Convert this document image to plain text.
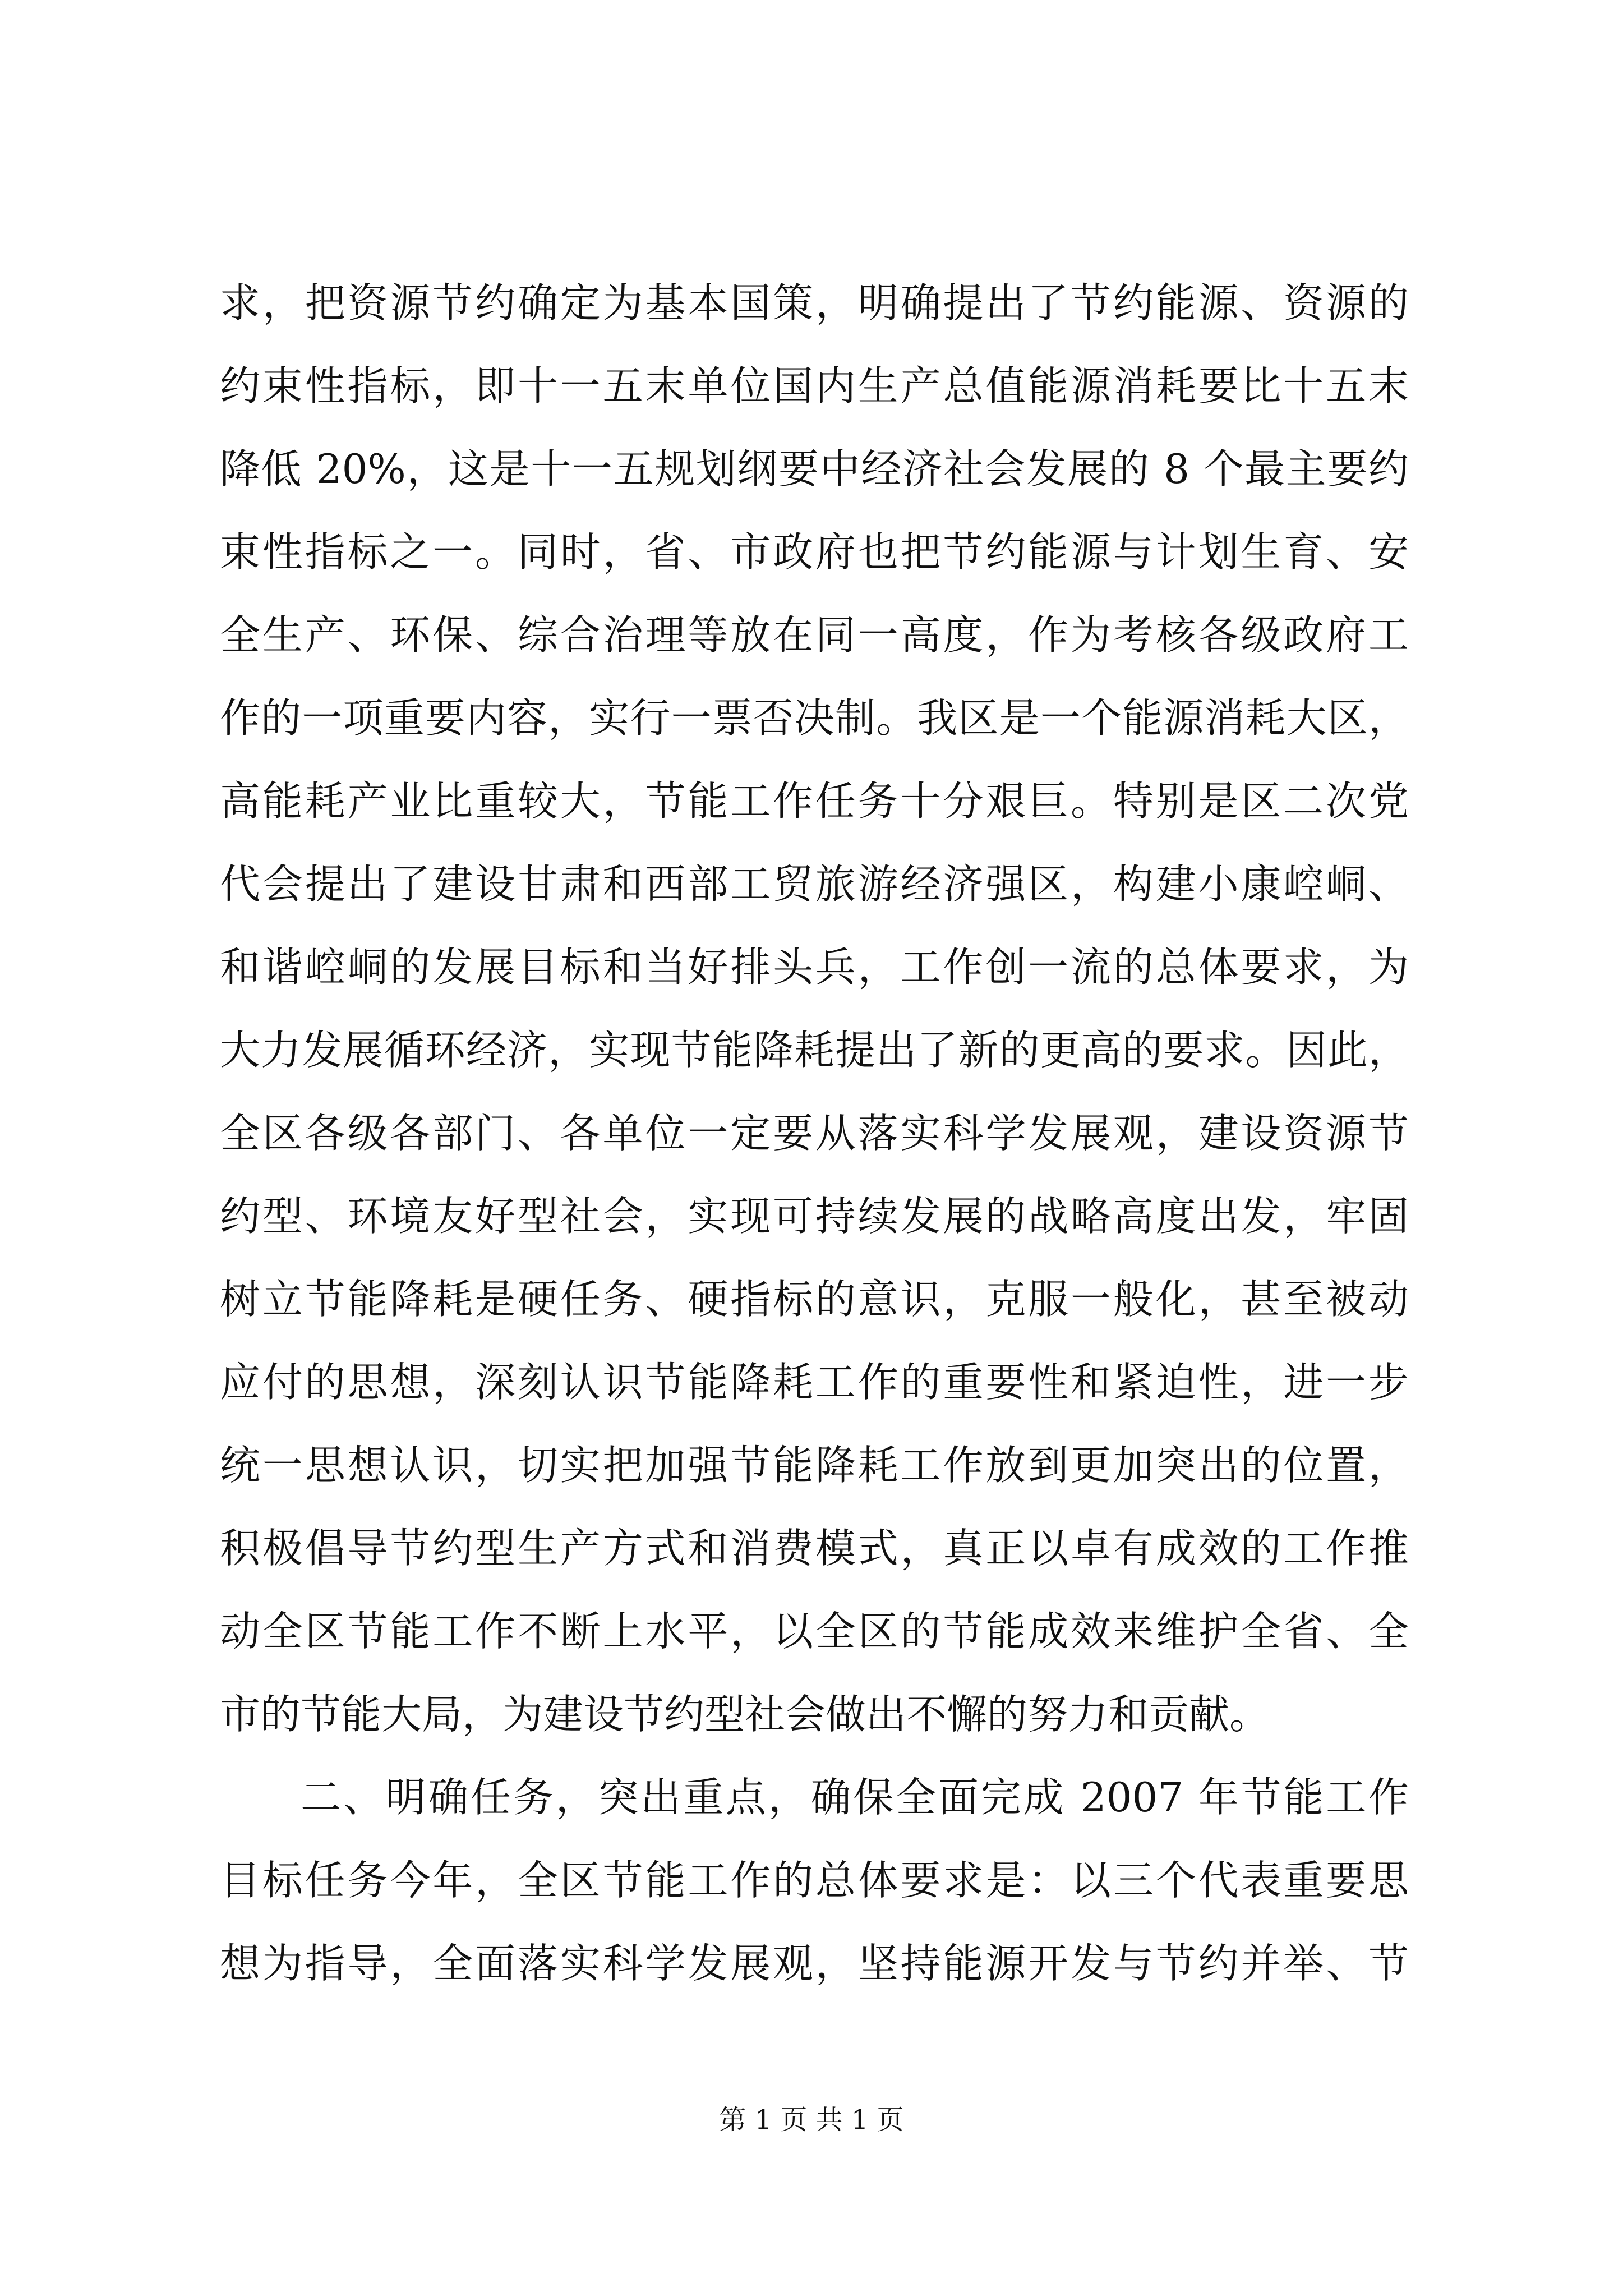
求，把资源节约确定为基本国策，明确提出了节约能源、资源的
约束性指标，即十一五末单位国内生产总值能源消耗要比十五末
降低 20%，这是十一五规划纲要中经济社会发展的 8 个最主要约
束性指标之一。同时，省、市政府也把节约能源与计划生育、安
全生产、环保、综合治理等放在同一高度，作为考核各级政府工
作的一项重要内容，实行一票否决制。我区是一个能源消耗大区，
高能耗产业比重较大，节能工作任务十分艰巨。特别是区二次党
代会提出了建设甘肃和西部工贸旅游经济强区，构建小康崆峒、
和谐崆峒的发展目标和当好排头兵，工作创一流的总体要求，为
大力发展循环经济，实现节能降耗提出了新的更高的要求。因此，
全区各级各部门、各单位一定要从落实科学发展观，建设资源节
约型、环境友好型社会，实现可持续发展的战略高度出发，牢固
树立节能降耗是硬任务、硬指标的意识，克服一般化，甚至被动
应付的思想，深刻认识节能降耗工作的重要性和紧迫性，进一步
统一思想认识，切实把加强节能降耗工作放到更加突出的位置，
积极倡导节约型生产方式和消费模式，真正以卓有成效的工作推
动全区节能工作不断上水平，以全区的节能成效来维护全省、全
市的节能大局，为建设节约型社会做出不懈的努力和贡献。
二、明确任务，突出重点，确保全面完成 2007 年节能工作
目标任务今年，全区节能工作的总体要求是：以三个代表重要思
想为指导，全面落实科学发展观，坚持能源开发与节约并举、节
第 1 页 共 1 页
